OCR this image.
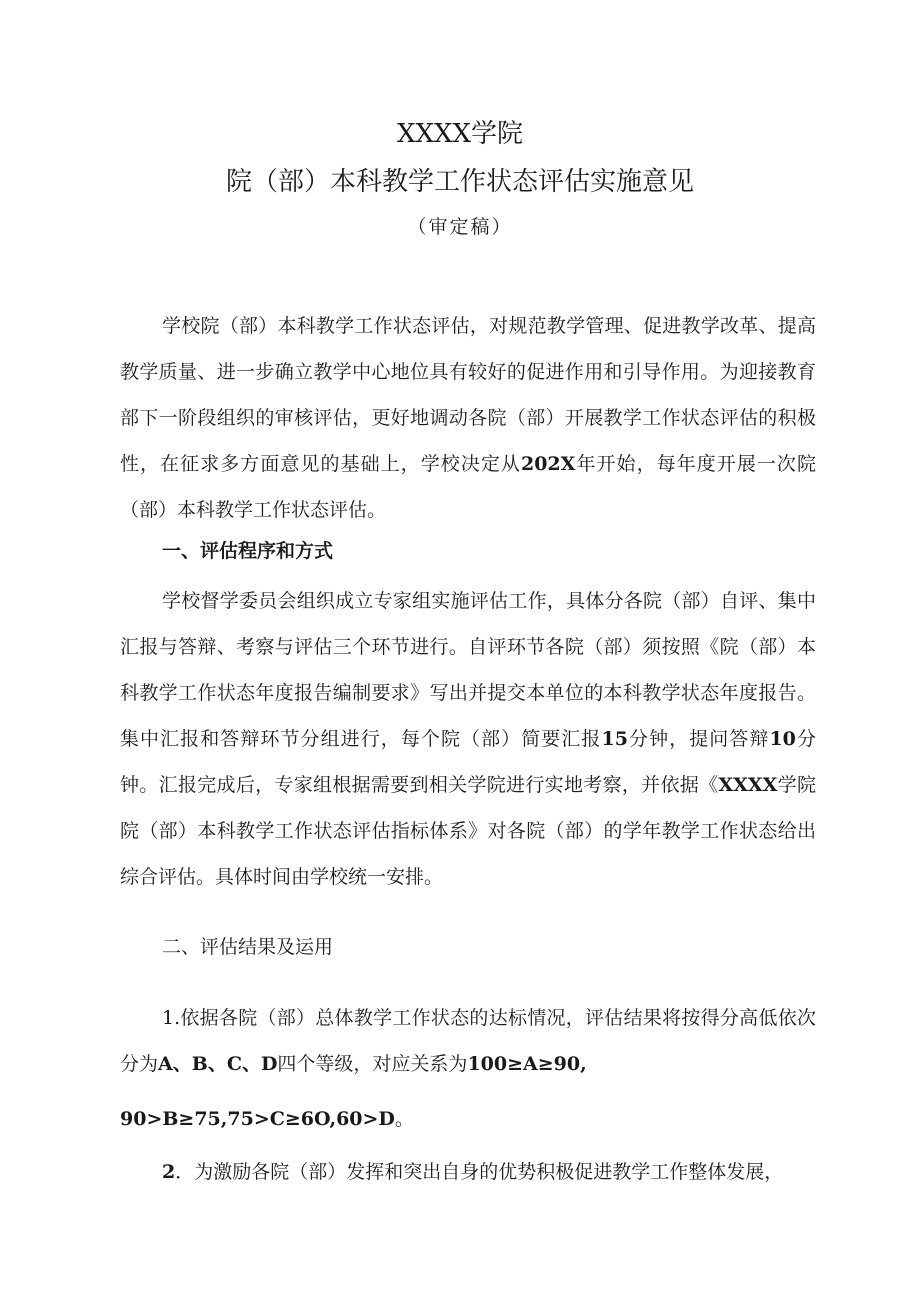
XXXX学院
院（部）本科教学工作状态评估实施意见
（审定稿）

学校院（部）本科教学工作状态评估，对规范教学管理、促进教学改革、提高教学质量、进一步确立教学中心地位具有较好的促进作用和引导作用。为迎接教育部下一阶段组织的审核评估，更好地调动各院（部）开展教学工作状态评估的积极性，在征求多方面意见的基础上，学校决定从202X年开始，每年度开展一次院（部）本科教学工作状态评估。

一、评估程序和方式

学校督学委员会组织成立专家组实施评估工作，具体分各院（部）自评、集中汇报与答辩、考察与评估三个环节进行。自评环节各院（部）须按照《院（部）本科教学工作状态年度报告编制要求》写出并提交本单位的本科教学状态年度报告。集中汇报和答辩环节分组进行，每个院（部）简要汇报15分钟，提问答辩10分钟。汇报完成后，专家组根据需要到相关学院进行实地考察，并依据《XXXX学院院（部）本科教学工作状态评估指标体系》对各院（部）的学年教学工作状态给出综合评估。具体时间由学校统一安排。

二、评估结果及运用

1.依据各院（部）总体教学工作状态的达标情况，评估结果将按得分高低依次分为A、B、C、D四个等级，对应关系为100≥A≥90,

90>B≥75,75>C≥6O,60>D。
2．为激励各院（部）发挥和突出自身的优势积极促进教学工作整体发展，
